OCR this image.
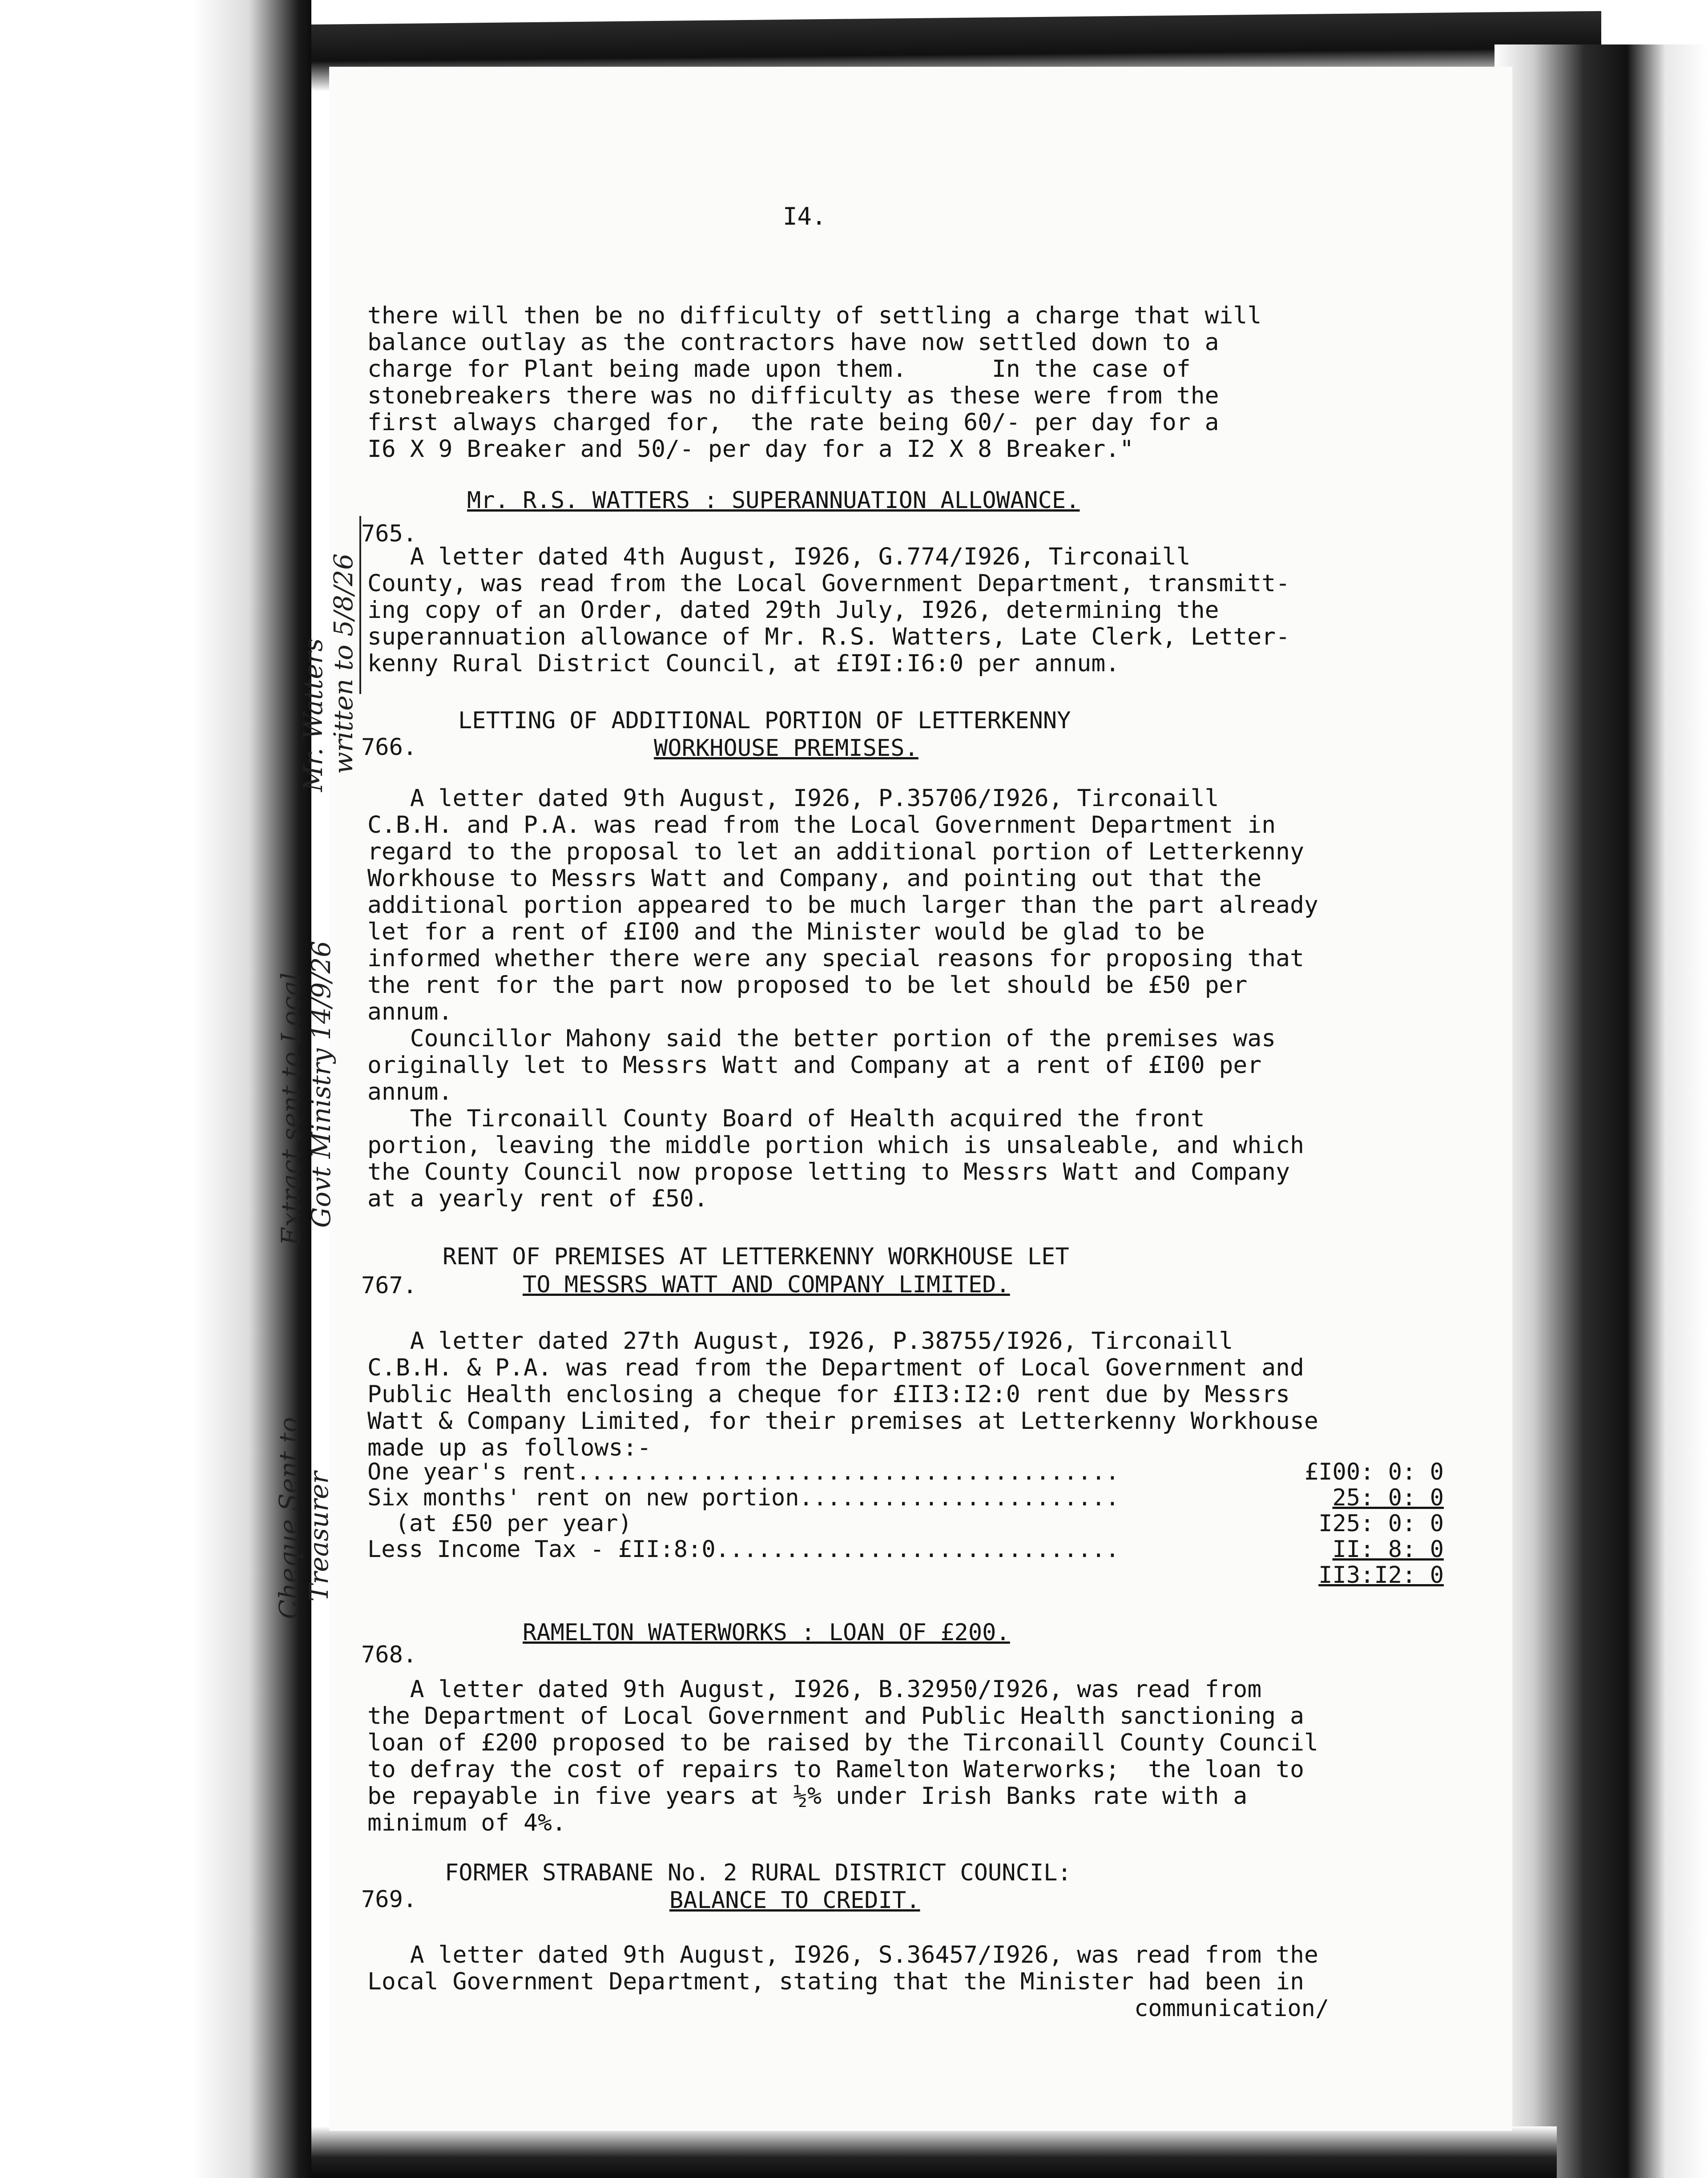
I4.
there will then be no difficulty of settling a charge that will
balance outlay as the contractors have now settled down to a
charge for Plant being made upon them.      In the case of
stonebreakers there was no difficulty as these were from the
first always charged for,  the rate being 60/- per day for a
I6 X 9 Breaker and 50/- per day for a I2 X 8 Breaker."
Mr. R.S. WATTERS : SUPERANNUATION ALLOWANCE.
765.
A letter dated 4th August, I926, G.774/I926, Tirconaill
County, was read from the Local Government Department, transmitt-
ing copy of an Order, dated 29th July, I926, determining the
superannuation allowance of Mr. R.S. Watters, Late Clerk, Letter-
kenny Rural District Council, at £I9I:I6:0 per annum.
Mr. Watters written to 5/8/26	LETTING OF ADDITIONAL PORTION OF LETTERKENNY
766.	WORKHOUSE PREMISES.
A letter dated 9th August, I926, P.35706/I926, Tirconaill
C.B.H. and P.A. was read from the Local Government Department in
regard to the proposal to let an additional portion of Letterkenny
Workhouse to Messrs Watt and Company, and pointing out that the
additional portion appeared to be much larger than the part already
let for a rent of £I00 and the Minister would be glad to be
informed whether there were any special reasons for proposing that
the rent for the part now proposed to be let should be £50 per
annum.
Councillor Mahony said the better portion of the premises was
originally let to Messrs Watt and Company at a rent of £I00 per
annum.
The Tirconaill County Board of Health acquired the front
portion, leaving the middle portion which is unsaleable, and which
the County Council now propose letting to Messrs Watt and Company
at a yearly rent of £50.
Extract sent to Local Govt Ministry 14/9/26
RENT OF PREMISES AT LETTERKENNY WORKHOUSE LET
767.	TO MESSRS WATT AND COMPANY LIMITED.
A letter dated 27th August, I926, P.38755/I926, Tirconaill
C.B.H. & P.A. was read from the Department of Local Government and
Public Health enclosing a cheque for £II3:I2:0 rent due by Messrs
Watt & Company Limited, for their premises at Letterkenny Workhouse
made up as follows:-
One year's rent.......................................	£I00: 0: 0
Six months' rent on new portion.......................	25: 0: 0
(at £50 per year)	I25: 0: 0
Less Income Tax - £II:8:0.............................	II: 8: 0
II3:I2: 0
Cheque Sent to Treasurer
RAMELTON WATERWORKS : LOAN OF £200.
768.
A letter dated 9th August, I926, B.32950/I926, was read from
the Department of Local Government and Public Health sanctioning a
loan of £200 proposed to be raised by the Tirconaill County Council
to defray the cost of repairs to Ramelton Waterworks;  the loan to
be repayable in five years at ½% under Irish Banks rate with a
minimum of 4%.
FORMER STRABANE No. 2 RURAL DISTRICT COUNCIL:
769.	BALANCE TO CREDIT.
A letter dated 9th August, I926, S.36457/I926, was read from the
Local Government Department, stating that the Minister had been in
communication/
